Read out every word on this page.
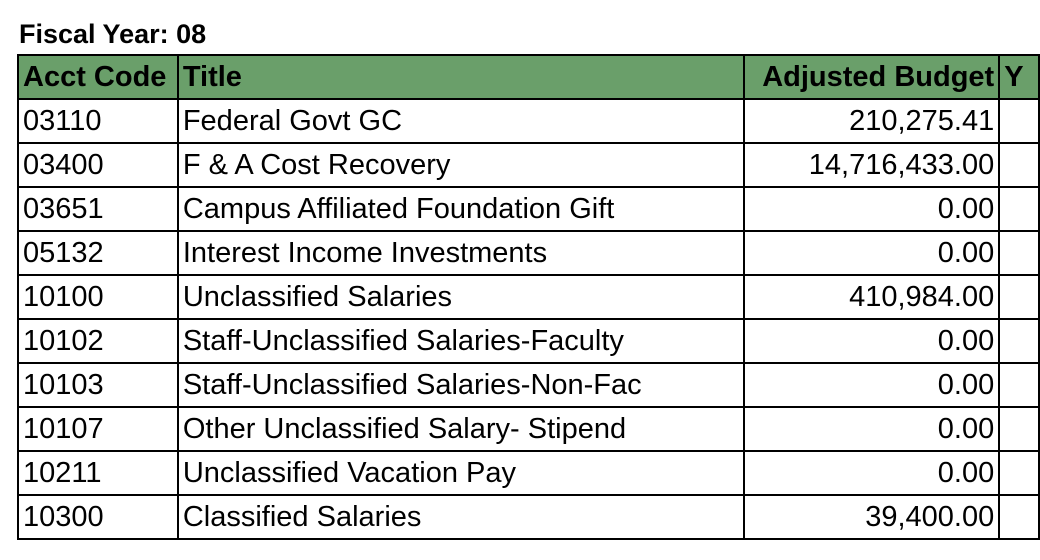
Fiscal Year: 08
Acct Code	Title	Adjusted Budget	Y
03110	Federal Govt GC	210,275.41	
03400	F & A Cost Recovery	14,716,433.00	
03651	Campus Affiliated Foundation Gift	0.00	
05132	Interest Income Investments	0.00	
10100	Unclassified Salaries	410,984.00	
10102	Staff-Unclassified Salaries-Faculty	0.00	
10103	Staff-Unclassified Salaries-Non-Fac	0.00	
10107	Other Unclassified Salary- Stipend	0.00	
10211	Unclassified Vacation Pay	0.00	
10300	Classified Salaries	39,400.00	
